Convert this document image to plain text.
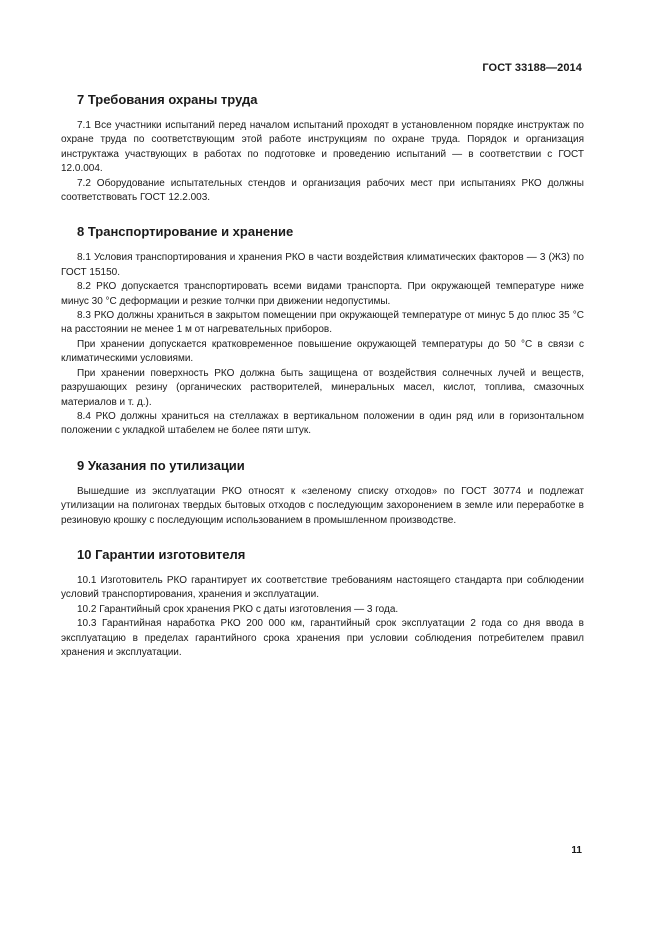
ГОСТ 33188—2014
7 Требования охраны труда

7.1 Все участники испытаний перед началом испытаний проходят в установленном порядке инструктаж по охране труда по соответствующим этой работе инструкциям по охране труда. Порядок и организация инструктажа участвующих в работах по подготовке и проведению испытаний — в соответствии с ГОСТ 12.0.004.

7.2 Оборудование испытательных стендов и организация рабочих мест при испытаниях РКО должны соответствовать ГОСТ 12.2.003.

8 Транспортирование и хранение

8.1 Условия транспортирования и хранения РКО в части воздействия климатических факторов — 3 (Ж3) по ГОСТ 15150.

8.2 РКО допускается транспортировать всеми видами транспорта. При окружающей температуре ниже минус 30 °С деформации и резкие толчки при движении недопустимы.

8.3 РКО должны храниться в закрытом помещении при окружающей температуре от минус 5 до плюс 35 °С на расстоянии не менее 1 м от нагревательных приборов.

При хранении допускается кратковременное повышение окружающей температуры до 50 °С в связи с климатическими условиями.

При хранении поверхность РКО должна быть защищена от воздействия солнечных лучей и веществ, разрушающих резину (органических растворителей, минеральных масел, кислот, топлива, смазочных материалов и т. д.).

8.4 РКО должны храниться на стеллажах в вертикальном положении в один ряд или в горизонтальном положении с укладкой штабелем не более пяти штук.

9 Указания по утилизации

Вышедшие из эксплуатации РКО относят к «зеленому списку отходов» по ГОСТ 30774 и подлежат утилизации на полигонах твердых бытовых отходов с последующим захоронением в земле или переработке в резиновую крошку с последующим использованием в промышленном производстве.

10 Гарантии изготовителя

10.1 Изготовитель РКО гарантирует их соответствие требованиям настоящего стандарта при соблюдении условий транспортирования, хранения и эксплуатации.

10.2 Гарантийный срок хранения РКО с даты изготовления — 3 года.

10.3 Гарантийная наработка РКО 200 000 км, гарантийный срок эксплуатации 2 года со дня ввода в эксплуатацию в пределах гарантийного срока хранения при условии соблюдения потребителем правил хранения и эксплуатации.

11
